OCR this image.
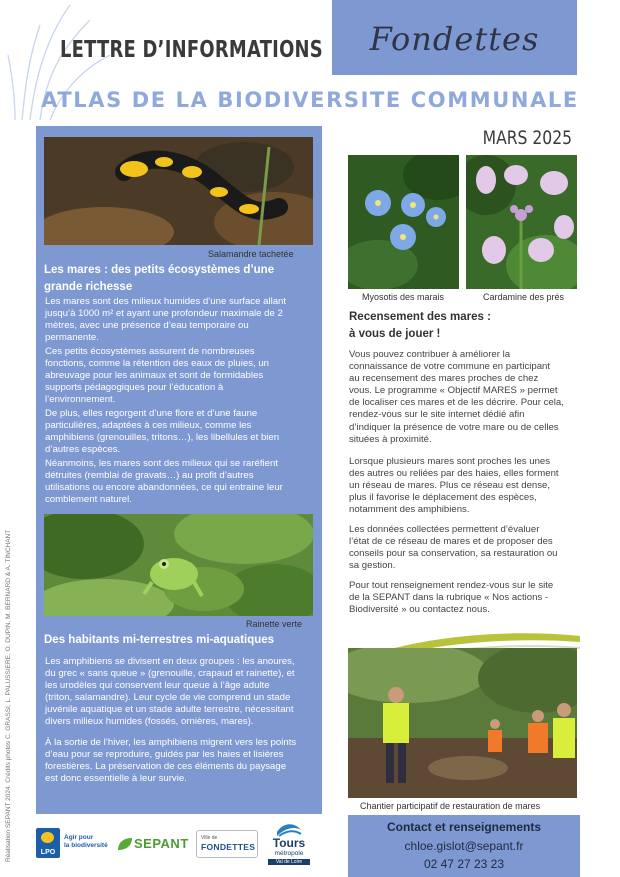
LETTRE D’INFORMATIONS	Fondettes
ATLAS DE LA BIODIVERSITE COMMUNALE
MARS 2025
Réalisation SEPANT 2024. Crédits photos C. GRASSI, L. PALUSSIERE, O. DUPIN, M. BERNARD & A. TINCHANT
Salamandre tachetée
Les mares : des petits écosystèmes d’une
grande richesse
Les mares sont des milieux humides d’une surface allant
jusqu’à 1000 m² et ayant une profondeur maximale de 2
mètres, avec une présence d’eau temporaire ou
permanente.
Ces petits écosystèmes assurent de nombreuses
fonctions, comme la rétention des eaux de pluies, un
abreuvage pour les animaux et sont de formidables
supports pédagogiques pour l’éducation à
l’environnement.
De plus, elles regorgent d’une flore et d’une faune
particulières, adaptées à ces milieux, comme les
amphibiens (grenouilles, tritons…), les libellules et bien
d’autres espèces.
Néanmoins, les mares sont des milieux qui se raréfient
détruites (remblai de gravats…) au profit d’autres
utilisations ou encore abandonnées, ce qui entraine leur
comblement naturel.
Rainette verte
Des habitants mi-terrestres mi-aquatiques
Les amphibiens se divisent en deux groupes : les anoures,
du grec « sans queue » (grenouille, crapaud et rainette), et
les urodèles qui conservent leur queue à l’âge adulte
(triton, salamandre). Leur cycle de vie comprend un stade
juvénile aquatique et un stade adulte terrestre, nécessitant
divers milieux humides (fossés, ornières, mares).
À la sortie de l’hiver, les amphibiens migrent vers les points
d’eau pour se reproduire, guidés par les haies et lisières
forestières. La préservation de ces éléments du paysage
est donc essentielle à leur survie.
Myosotis des marais	Cardamine des prés
Recensement des mares :
à vous de jouer !
Vous pouvez contribuer à améliorer la
connaissance de votre commune en participant
au recensement des mares proches de chez
vous. Le programme « Objectif MARES » permet
de localiser ces mares et de les décrire. Pour cela,
rendez-vous sur le site internet dédié afin
d’indiquer la présence de votre mare ou de celles
situées à proximité.
Lorsque plusieurs mares sont proches les unes
des autres ou reliées par des haies, elles forment
un réseau de mares. Plus ce réseau est dense,
plus il favorise le déplacement des espèces,
notamment des amphibiens.
Les données collectées permettent d’évaluer
l’état de ce réseau de mares et de proposer des
conseils pour sa conservation, sa restauration ou
sa gestion.
Pour tout renseignement rendez-vous sur le site
de la SEPANT dans la rubrique « Nos actions -
Biodiversité » ou contactez nous.
Chantier participatif de restauration de mares
Contact et renseignements
chloe.gislot@sepant.fr
02 47 27 23 23
LPO
Agir pour
la biodiversité SEPANT Ville de
FONDETTES	Tours
métropole
Val de Loire
